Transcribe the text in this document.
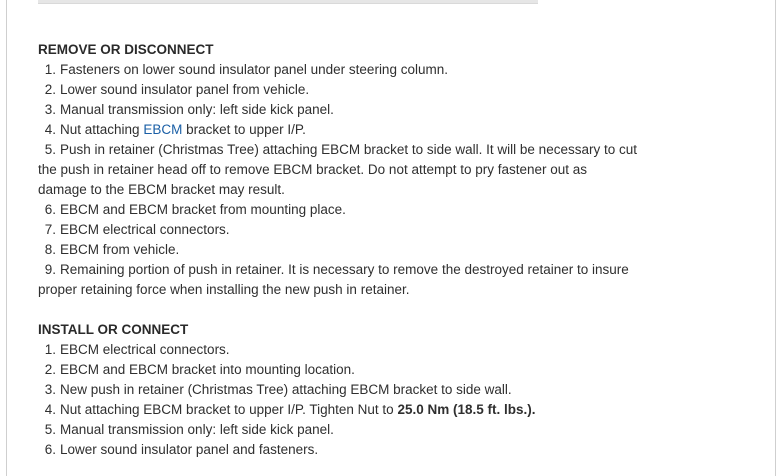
REMOVE OR DISCONNECT

1. Fasteners on lower sound insulator panel under steering column.

2. Lower sound insulator panel from vehicle.

3. Manual transmission only: left side kick panel.

4. Nut attaching EBCM bracket to upper I/P.

5. Push in retainer (Christmas Tree) attaching EBCM bracket to side wall. It will be necessary to cut
the push in retainer head off to remove EBCM bracket. Do not attempt to pry fastener out as
damage to the EBCM bracket may result.

6. EBCM and EBCM bracket from mounting place.

7. EBCM electrical connectors.

8. EBCM from vehicle.

9. Remaining portion of push in retainer. It is necessary to remove the destroyed retainer to insure
proper retaining force when installing the new push in retainer.

INSTALL OR CONNECT

1. EBCM electrical connectors.

2. EBCM and EBCM bracket into mounting location.

3. New push in retainer (Christmas Tree) attaching EBCM bracket to side wall.

4. Nut attaching EBCM bracket to upper I/P. Tighten Nut to 25.0 Nm (18.5 ft. lbs.).

5. Manual transmission only: left side kick panel.

6. Lower sound insulator panel and fasteners.
